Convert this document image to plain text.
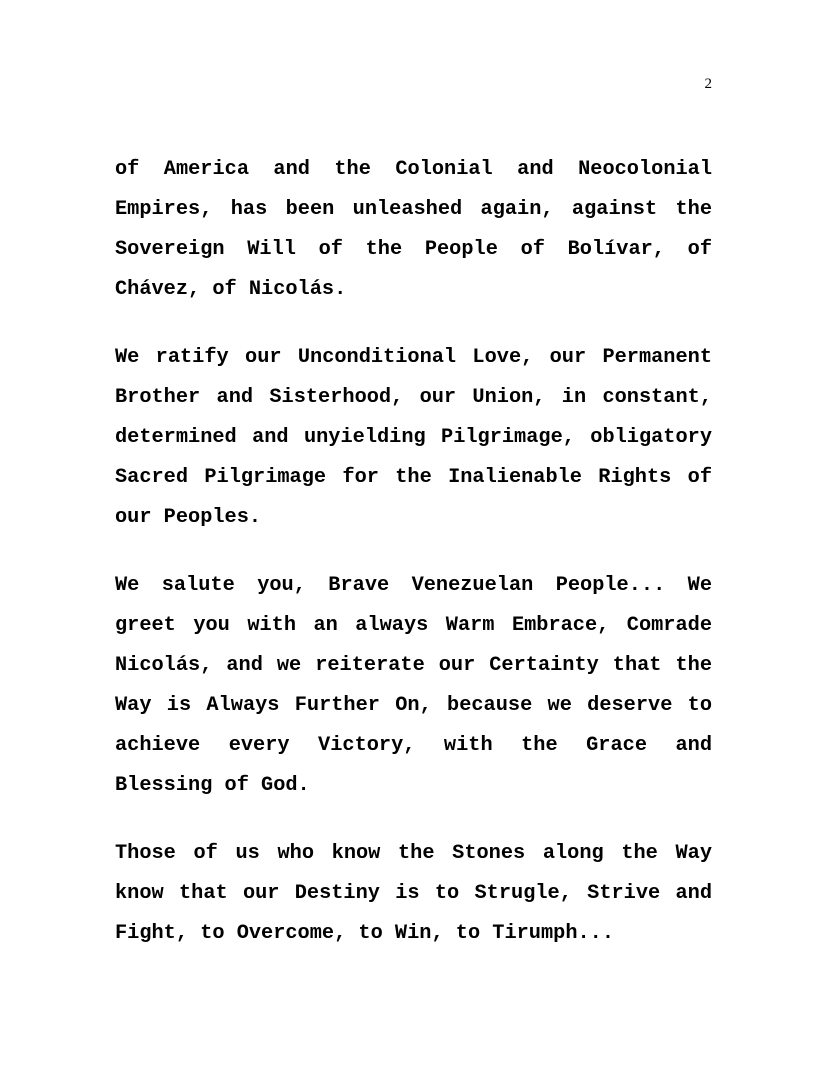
2

of America and the Colonial and Neocolonial Empires, has been unleashed again, against the Sovereign Will of the People of Bolívar, of Chávez, of Nicolás.

We ratify our Unconditional Love, our Permanent Brother and Sisterhood, our Union, in constant, determined and unyielding Pilgrimage, obligatory Sacred Pilgrimage for the Inalienable Rights of our Peoples.

We salute you, Brave Venezuelan People... We greet you with an always Warm Embrace, Comrade Nicolás, and we reiterate our Certainty that the Way is Always Further On, because we deserve to achieve every Victory, with the Grace and Blessing of God.

Those of us who know the Stones along the Way know that our Destiny is to Strugle, Strive and Fight, to Overcome, to Win, to Tirumph...
